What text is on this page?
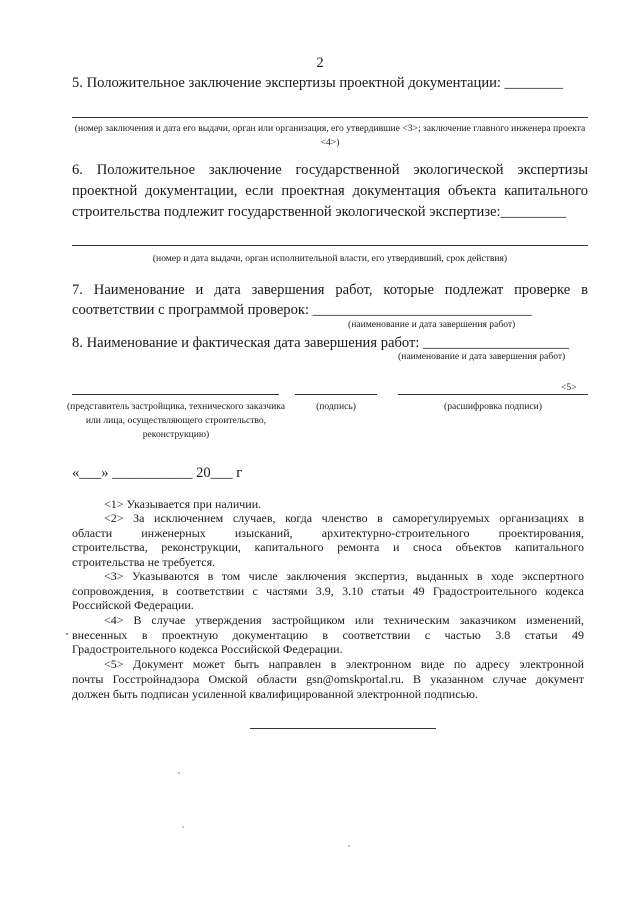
2
5. Положительное заключение экспертизы проектной документации: ________
(номер заключения и дата его выдачи, орган или организация, его утвердившие <3>; заключение главного инженера проекта <4>)
6. Положительное заключение государственной экологической экспертизы
проектной документации, если проектная документация объекта капитального
строительства подлежит государственной экологической экспертизе:_________
(номер и дата выдачи, орган исполнительной власти, его утвердивший, срок действия)
7. Наименование и дата завершения работ, которые подлежат проверке в
соответствии с программой проверок: ______________________________
(наименование и дата завершения работ)
8. Наименование и фактическая дата завершения работ: ____________________
(наименование и дата завершения работ)
<5>
(представитель застройщика, технического заказчика или лица, осуществляющего строительство, реконструкцию)
(подпись)	(расшифровка подписи)
«___» ___________ 20___ г
<1> Указывается при наличии.
<2> За исключением случаев, когда членство в саморегулируемых организациях в
области инженерных изысканий, архитектурно-строительного проектирования,
строительства, реконструкции, капитального ремонта и сноса объектов капитального
строительства не требуется.
<3> Указываются в том числе заключения экспертиз, выданных в ходе экспертного
сопровождения, в соответствии с частями 3.9, 3.10 статьи 49 Градостроительного кодекса
Российской Федерации.
<4> В случае утверждения застройщиком или техническим заказчиком изменений,
внесенных в проектную документацию в соответствии с частью 3.8 статьи 49
Градостроительного кодекса Российской Федерации.
<5> Документ может быть направлен в электронном виде по адресу электронной
почты Госстройнадзора Омской области gsn@omskportal.ru. В указанном случае документ
должен быть подписан усиленной квалифицированной электронной подписью.
